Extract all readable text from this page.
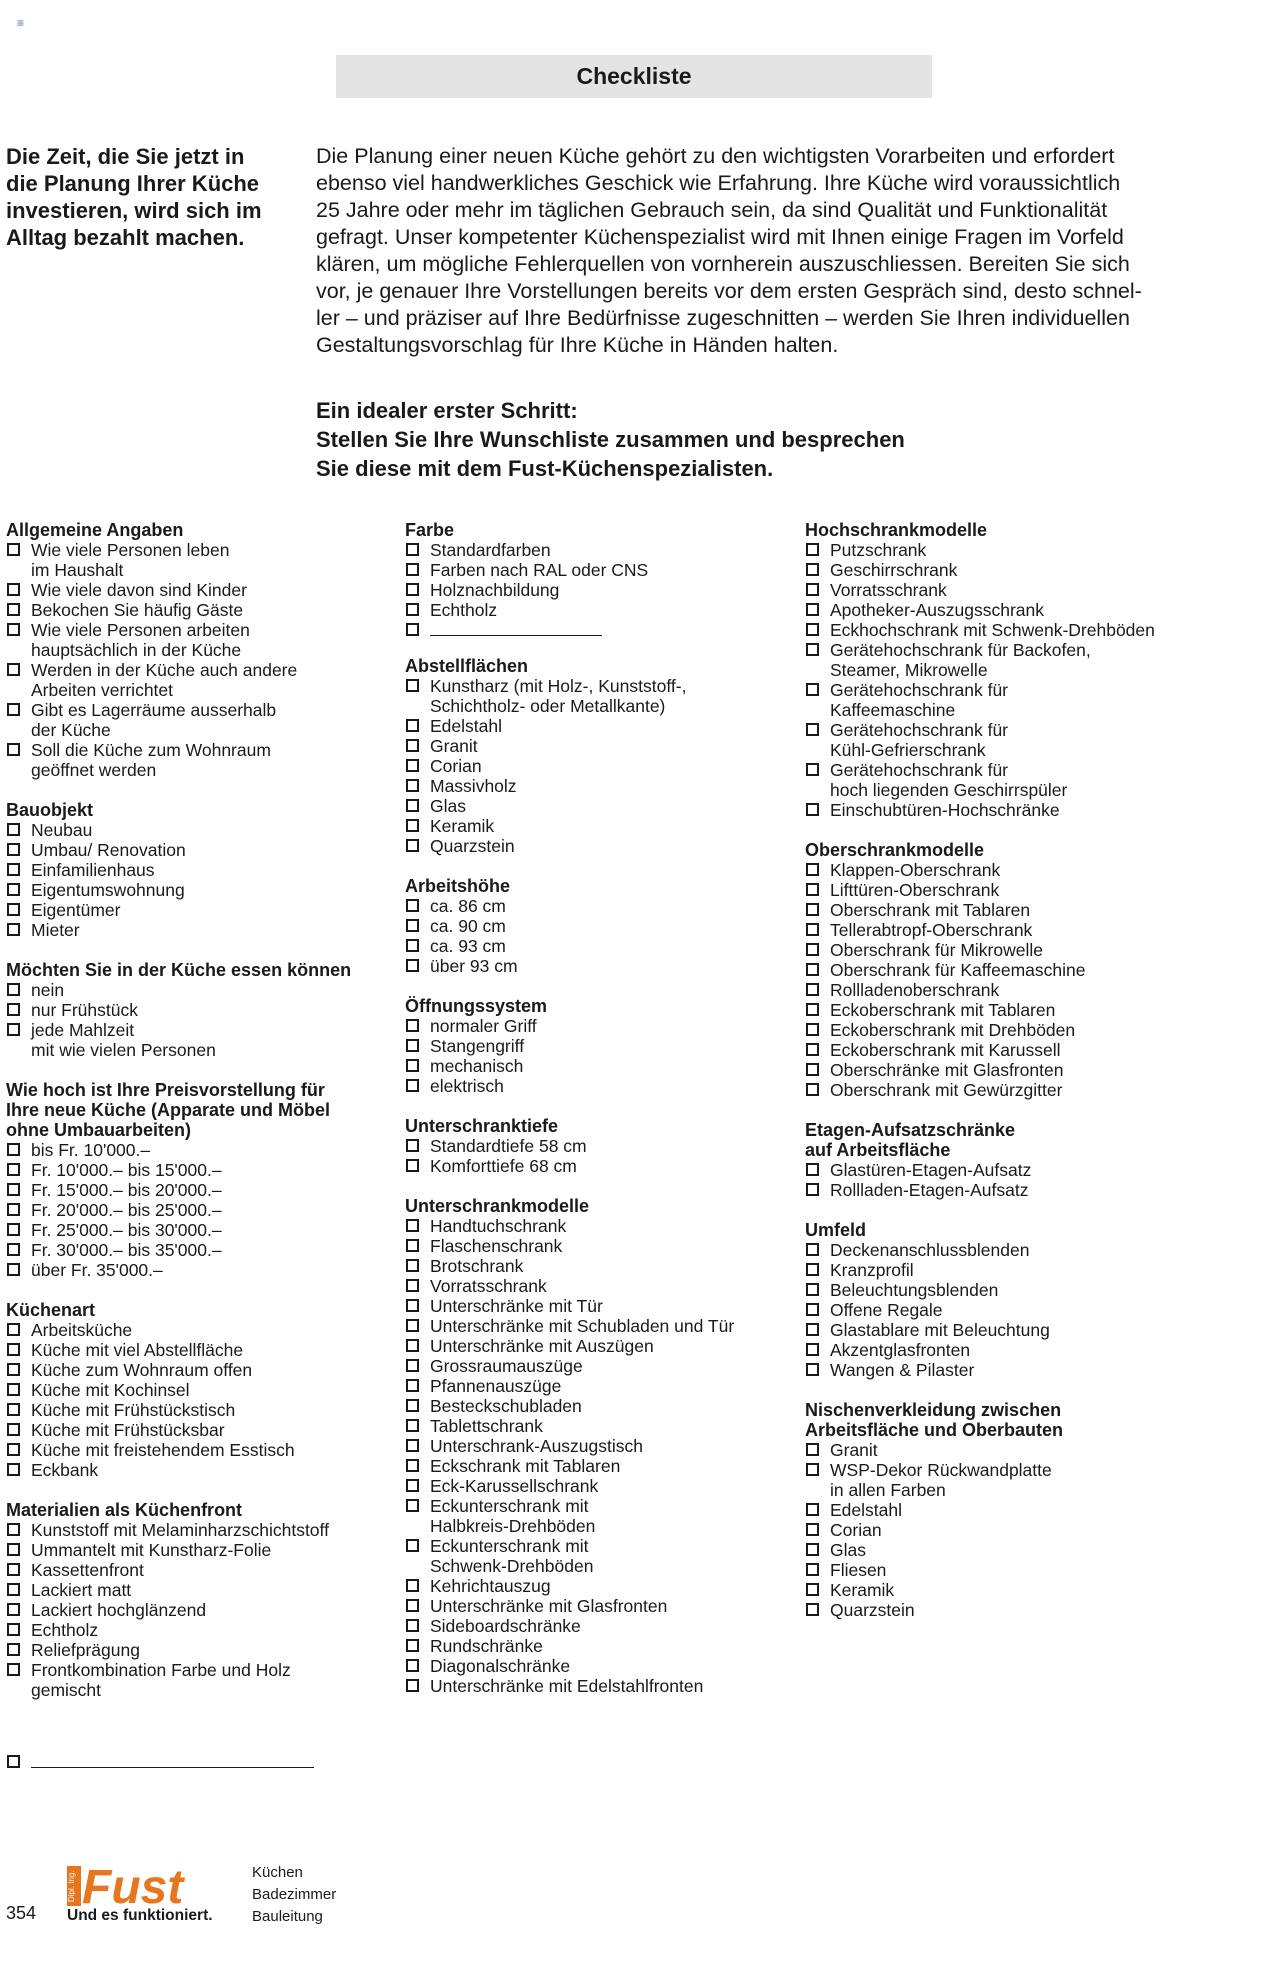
≡
Checkliste
Die Zeit, die Sie jetzt in
die Planung Ihrer Küche
investieren, wird sich im
Alltag bezahlt machen.
Die Planung einer neuen Küche gehört zu den wichtigsten Vorarbeiten und erfordert
ebenso viel handwerkliches Geschick wie Erfahrung. Ihre Küche wird voraussichtlich
25 Jahre oder mehr im täglichen Gebrauch sein, da sind Qualität und Funktionalität
gefragt. Unser kompetenter Küchenspezialist wird mit Ihnen einige Fragen im Vorfeld
klären, um mögliche Fehlerquellen von vornherein auszuschliessen. Bereiten Sie sich
vor, je genauer Ihre Vorstellungen bereits vor dem ersten Gespräch sind, desto schnel-
ler – und präziser auf Ihre Bedürfnisse zugeschnitten – werden Sie Ihren individuellen
Gestaltungsvorschlag für Ihre Küche in Händen halten.
Ein idealer erster Schritt:
Stellen Sie Ihre Wunschliste zusammen und besprechen
Sie diese mit dem Fust-Küchenspezialisten.
Allgemeine Angaben
Wie viele Personen leben
im Haushalt
Wie viele davon sind Kinder
Bekochen Sie häufig Gäste
Wie viele Personen arbeiten
hauptsächlich in der Küche
Werden in der Küche auch andere
Arbeiten verrichtet
Gibt es Lagerräume ausserhalb
der Küche
Soll die Küche zum Wohnraum
geöffnet werden
Bauobjekt
Neubau
Umbau/ Renovation
Einfamilienhaus
Eigentumswohnung
Eigentümer
Mieter
Möchten Sie in der Küche essen können
nein
nur Frühstück
jede Mahlzeit
mit wie vielen Personen
Wie hoch ist Ihre Preisvorstellung für
Ihre neue Küche (Apparate und Möbel
ohne Umbauarbeiten)
bis Fr. 10'000.–
Fr. 10'000.– bis 15'000.–
Fr. 15'000.– bis 20'000.–
Fr. 20'000.– bis 25'000.–
Fr. 25'000.– bis 30'000.–
Fr. 30'000.– bis 35'000.–
über Fr. 35'000.–
Küchenart
Arbeitsküche
Küche mit viel Abstellfläche
Küche zum Wohnraum offen
Küche mit Kochinsel
Küche mit Frühstückstisch
Küche mit Frühstücksbar
Küche mit freistehendem Esstisch
Eckbank
Materialien als Küchenfront
Kunststoff mit Melaminharzschichtstoff
Ummantelt mit Kunstharz-Folie
Kassettenfront
Lackiert matt
Lackiert hochglänzend
Echtholz
Reliefprägung
Frontkombination Farbe und Holz
gemischt
Farbe
Standardfarben
Farben nach RAL oder CNS
Holznachbildung
Echtholz
Abstellflächen
Kunstharz (mit Holz-, Kunststoff-,
Schichtholz- oder Metallkante)
Edelstahl
Granit
Corian
Massivholz
Glas
Keramik
Quarzstein
Arbeitshöhe
ca. 86 cm
ca. 90 cm
ca. 93 cm
über 93 cm
Öffnungssystem
normaler Griff
Stangengriff
mechanisch
elektrisch
Unterschranktiefe
Standardtiefe 58 cm
Komforttiefe 68 cm
Unterschrankmodelle
Handtuchschrank
Flaschenschrank
Brotschrank
Vorratsschrank
Unterschränke mit Tür
Unterschränke mit Schubladen und Tür
Unterschränke mit Auszügen
Grossraumauszüge
Pfannenauszüge
Besteckschubladen
Tablettschrank
Unterschrank-Auszugstisch
Eckschrank mit Tablaren
Eck-Karussellschrank
Eckunterschrank mit
Halbkreis-Drehböden
Eckunterschrank mit
Schwenk-Drehböden
Kehrichtauszug
Unterschränke mit Glasfronten
Sideboardschränke
Rundschränke
Diagonalschränke
Unterschränke mit Edelstahlfronten
Hochschrankmodelle
Putzschrank
Geschirrschrank
Vorratsschrank
Apotheker-Auszugsschrank
Eckhochschrank mit Schwenk-Drehböden
Gerätehochschrank für Backofen,
Steamer, Mikrowelle
Gerätehochschrank für
Kaffeemaschine
Gerätehochschrank für
Kühl-Gefrierschrank
Gerätehochschrank für
hoch liegenden Geschirrspüler
Einschubtüren-Hochschränke
Oberschrankmodelle
Klappen-Oberschrank
Lifttüren-Oberschrank
Oberschrank mit Tablaren
Tellerabtropf-Oberschrank
Oberschrank für Mikrowelle
Oberschrank für Kaffeemaschine
Rollladenoberschrank
Eckoberschrank mit Tablaren
Eckoberschrank mit Drehböden
Eckoberschrank mit Karussell
Oberschränke mit Glasfronten
Oberschrank mit Gewürzgitter
Etagen-Aufsatzschränke
auf Arbeitsfläche
Glastüren-Etagen-Aufsatz
Rollladen-Etagen-Aufsatz
Umfeld
Deckenanschlussblenden
Kranzprofil
Beleuchtungsblenden
Offene Regale
Glastablare mit Beleuchtung
Akzentglasfronten
Wangen & Pilaster
Nischenverkleidung zwischen
Arbeitsfläche und Oberbauten
Granit
WSP-Dekor Rückwandplatte
in allen Farben
Edelstahl
Corian
Glas
Fliesen
Keramik
Quarzstein
354
Dipl. Ing. Fust
Und es funktioniert.
Küchen
Badezimmer
Bauleitung
